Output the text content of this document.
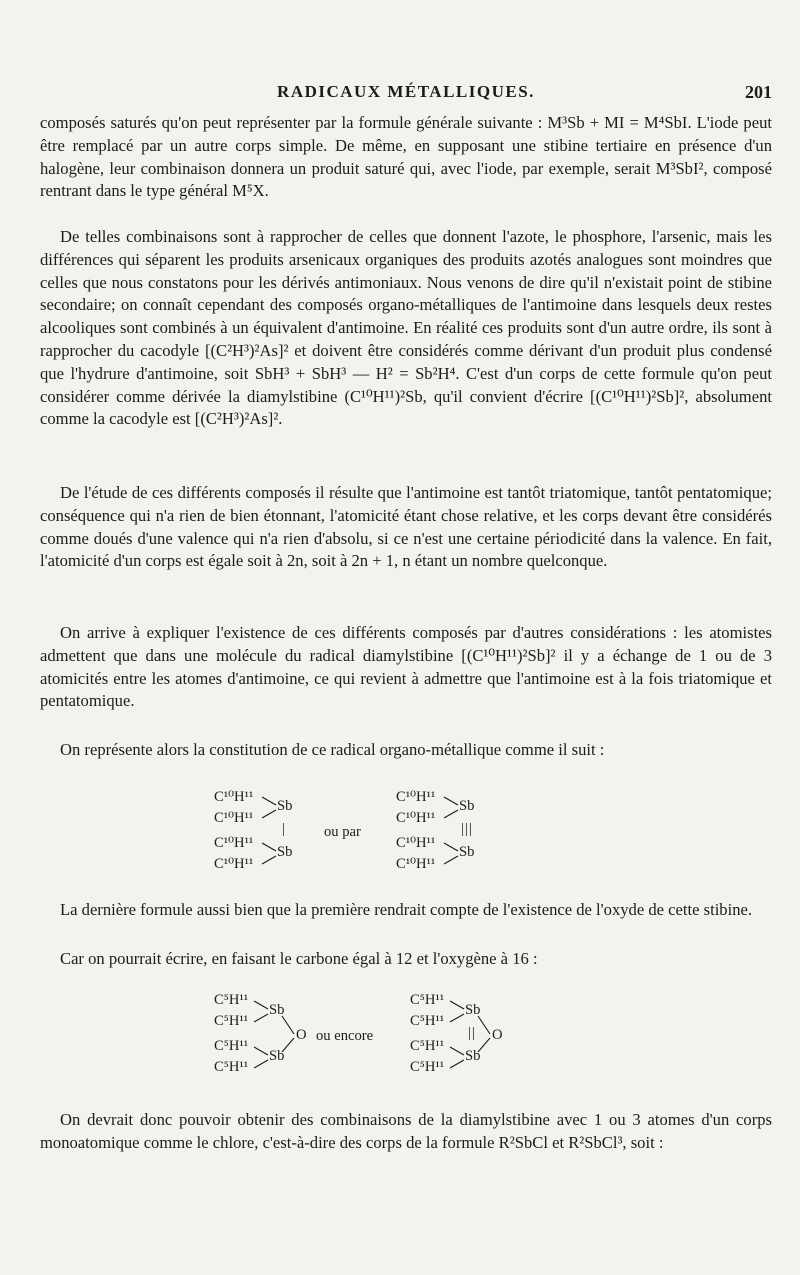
RADICAUX MÉTALLIQUES.	201

composés saturés qu'on peut représenter par la formule générale suivante : M³Sb + MI = M⁴SbI. L'iode peut être remplacé par un autre corps simple. De même, en supposant une stibine tertiaire en présence d'un halogène, leur combinaison donnera un produit saturé qui, avec l'iode, par exemple, serait M³SbI², composé rentrant dans le type général M⁵X.

De telles combinaisons sont à rapprocher de celles que donnent l'azote, le phosphore, l'arsenic, mais les différences qui séparent les produits arsenicaux organiques des produits azotés analogues sont moindres que celles que nous constatons pour les dérivés antimoniaux. Nous venons de dire qu'il n'existait point de stibine secondaire; on connaît cependant des composés organo-métalliques de l'antimoine dans lesquels deux restes alcooliques sont combinés à un équivalent d'antimoine. En réalité ces produits sont d'un autre ordre, ils sont à rapprocher du cacodyle [(C²H³)²As]² et doivent être considérés comme dérivant d'un produit plus condensé que l'hydrure d'antimoine, soit SbH³ + SbH³ — H² = Sb²H⁴. C'est d'un corps de cette formule qu'on peut considérer comme dérivée la diamylstibine (C¹⁰H¹¹)²Sb, qu'il convient d'écrire [(C¹⁰H¹¹)²Sb]², absolument comme la cacodyle est [(C²H³)²As]².

De l'étude de ces différents composés il résulte que l'antimoine est tantôt triatomique, tantôt pentatomique; conséquence qui n'a rien de bien étonnant, l'atomicité étant chose relative, et les corps devant être considérés comme doués d'une valence qui n'a rien d'absolu, si ce n'est une certaine périodicité dans la valence. En fait, l'atomicité d'un corps est égale soit à 2n, soit à 2n + 1, n étant un nombre quelconque.

On arrive à expliquer l'existence de ces différents composés par d'autres considérations : les atomistes admettent que dans une molécule du radical diamylstibine [(C¹⁰H¹¹)²Sb]² il y a échange de 1 ou de 3 atomicités entre les atomes d'antimoine, ce qui revient à admettre que l'antimoine est à la fois triatomique et pentatomique.

On représente alors la constitution de ce radical organo-métallique comme il suit :

C¹⁰H¹¹
C¹⁰H¹¹
C¹⁰H¹¹
C¹⁰H¹¹
Sb
|
Sb
ou par
C¹⁰H¹¹
C¹⁰H¹¹
C¹⁰H¹¹
C¹⁰H¹¹
Sb
|||
Sb

La dernière formule aussi bien que la première rendrait compte de l'existence de l'oxyde de cette stibine.

Car on pourrait écrire, en faisant le carbone égal à 12 et l'oxygène à 16 :

C⁵H¹¹
C⁵H¹¹
C⁵H¹¹
C⁵H¹¹
Sb
Sb
O ou encore
C⁵H¹¹
C⁵H¹¹
C⁵H¹¹
C⁵H¹¹
Sb
||
Sb
O

On devrait donc pouvoir obtenir des combinaisons de la diamylstibine avec 1 ou 3 atomes d'un corps monoatomique comme le chlore, c'est-à-dire des corps de la formule R²SbCl et R²SbCl³, soit :
